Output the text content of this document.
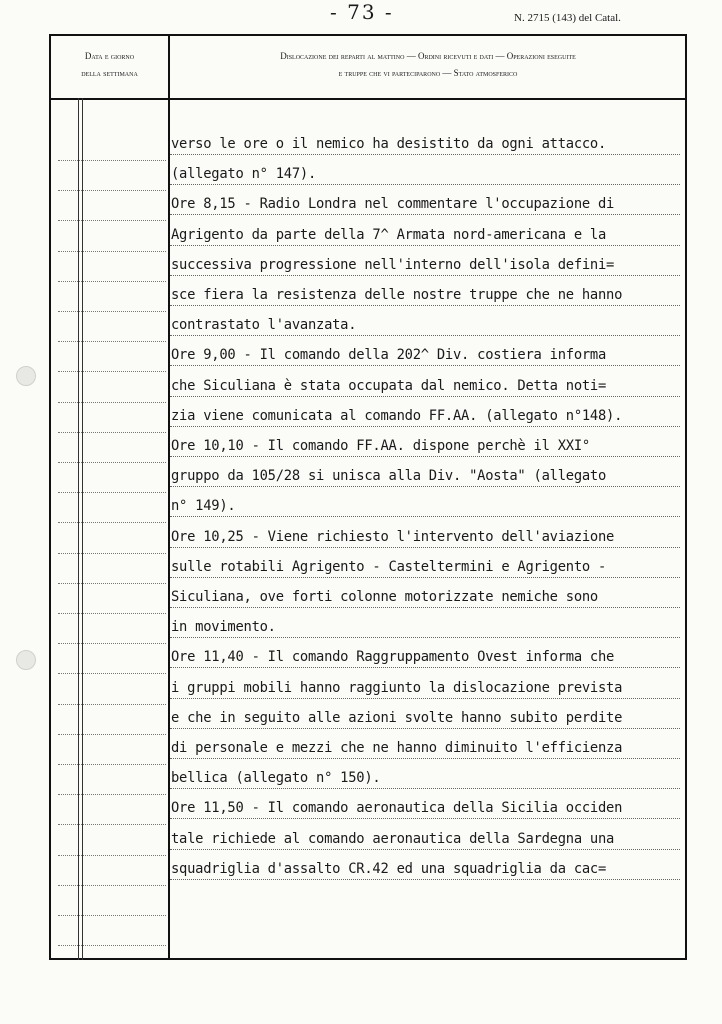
- 73 -	N. 2715 (143) del Catal.
Data e giorno
della settimana
Dislocazione dei reparti al mattino — Ordini ricevuti e dati — Operazioni eseguite
e truppe che vi parteciparono — Stato atmosferico
verso le ore o il nemico ha desistito da ogni attacco.
(allegato n° 147).
Ore 8,15 - Radio Londra nel commentare l'occupazione di
Agrigento da parte della 7^ Armata nord-americana e la
successiva progressione nell'interno dell'isola defini=
sce fiera la resistenza delle nostre truppe che ne hanno
contrastato l'avanzata.
Ore 9,00 - Il comando della 202^ Div. costiera informa
che Siculiana è stata occupata dal nemico. Detta noti=
zia viene comunicata al comando FF.AA. (allegato n°148).
Ore 10,10 - Il comando FF.AA. dispone perchè il XXI°
gruppo da 105/28 si unisca alla Div. "Aosta" (allegato
n° 149).
Ore 10,25 - Viene richiesto l'intervento dell'aviazione
sulle rotabili Agrigento - Casteltermini e Agrigento -
Siculiana, ove forti colonne motorizzate nemiche sono
in movimento.
Ore 11,40 - Il comando Raggruppamento Ovest informa che
i gruppi mobili hanno raggiunto la dislocazione prevista
e che in seguito alle azioni svolte hanno subito perdite
di personale e mezzi che ne hanno diminuito l'efficienza
bellica (allegato n° 150).
Ore 11,50 - Il comando aeronautica della Sicilia occiden
tale richiede al comando aeronautica della Sardegna una
squadriglia d'assalto CR.42 ed una squadriglia da cac=
